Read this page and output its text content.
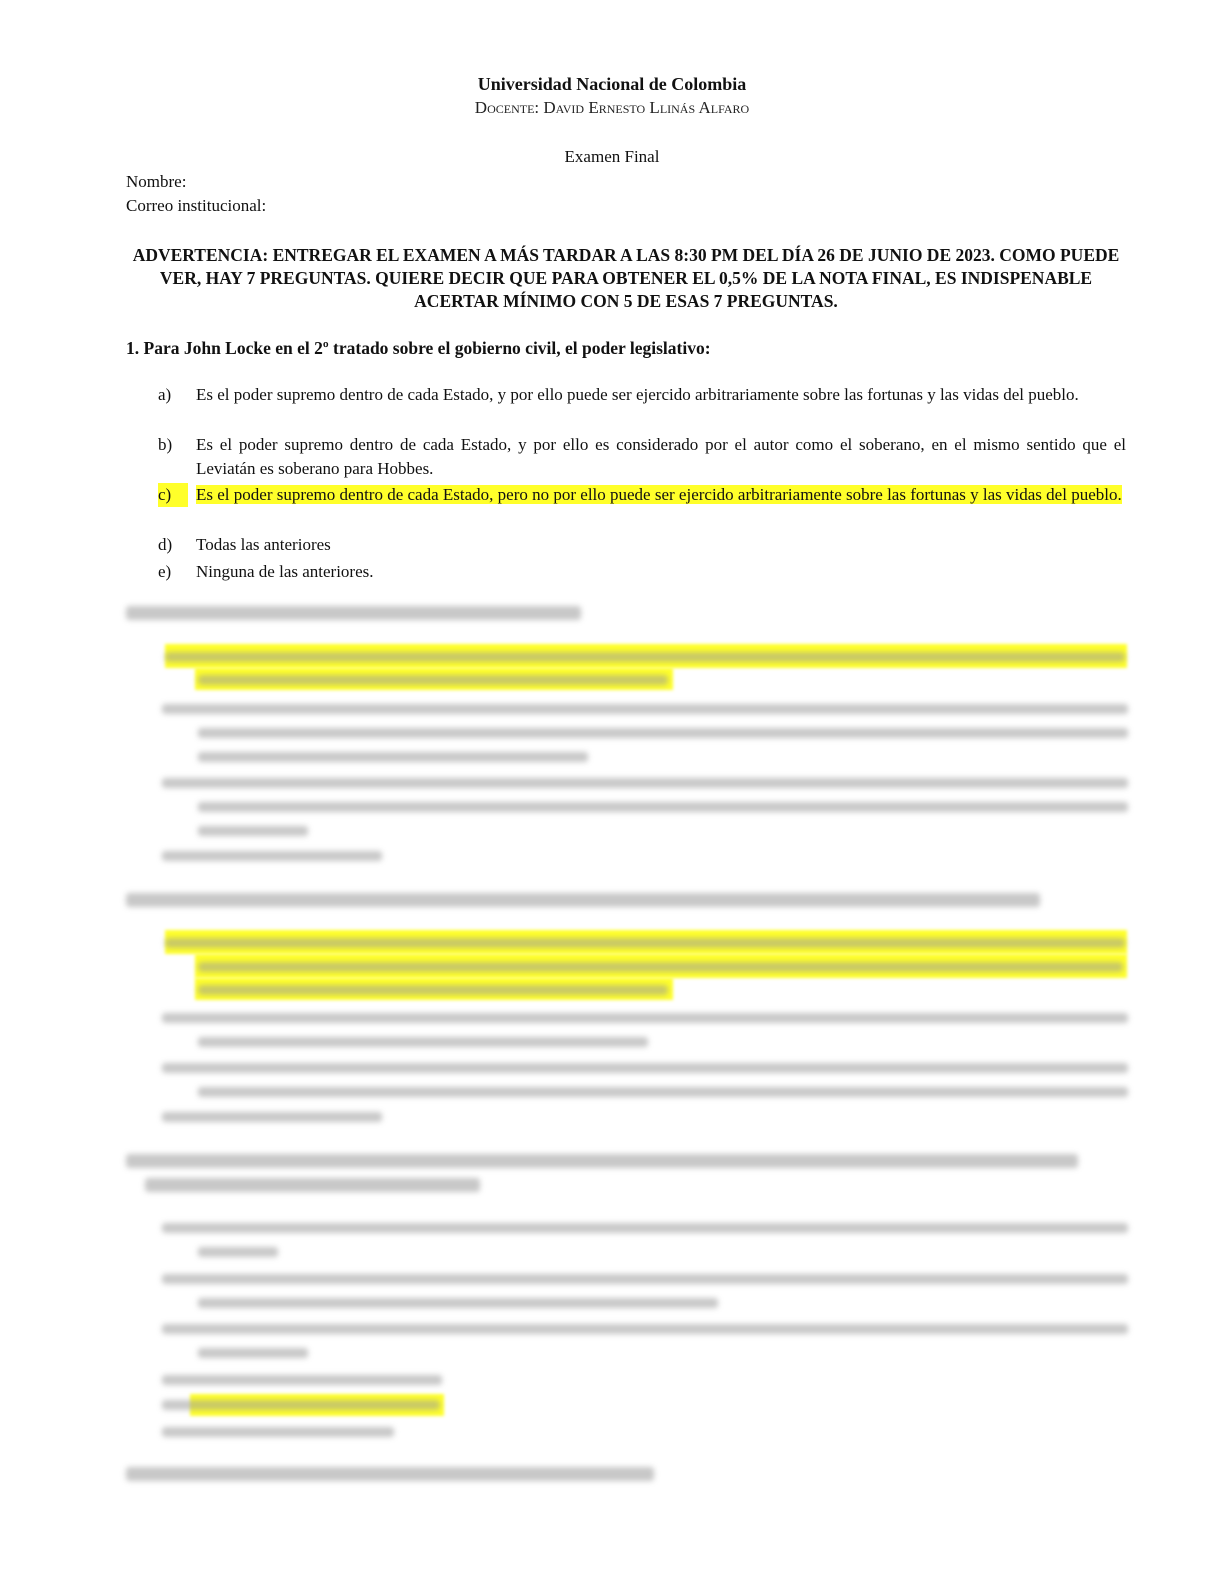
Universidad Nacional de Colombia
Docente: David Ernesto Llinás Alfaro
Examen Final
Nombre:
Correo institucional:
ADVERTENCIA: ENTREGAR EL EXAMEN A MÁS TARDAR A LAS 8:30 PM DEL DÍA 26 DE JUNIO DE 2023. COMO PUEDE VER, HAY 7 PREGUNTAS. QUIERE DECIR QUE PARA OBTENER EL 0,5% DE LA NOTA FINAL, ES INDISPENABLE ACERTAR MÍNIMO CON 5 DE ESAS 7 PREGUNTAS.
1. Para John Locke en el 2º tratado sobre el gobierno civil, el poder legislativo:
a)	Es el poder supremo dentro de cada Estado, y por ello puede ser ejercido arbitrariamente sobre las fortunas y las vidas del pueblo.
b)	Es el poder supremo dentro de cada Estado, y por ello es considerado por el autor como el soberano, en el mismo sentido que el Leviatán es soberano para Hobbes.
c)	Es el poder supremo dentro de cada Estado, pero no por ello puede ser ejercido arbitrariamente sobre las fortunas y las vidas del pueblo.
d)	Todas las anteriores
e)	Ninguna de las anteriores.
